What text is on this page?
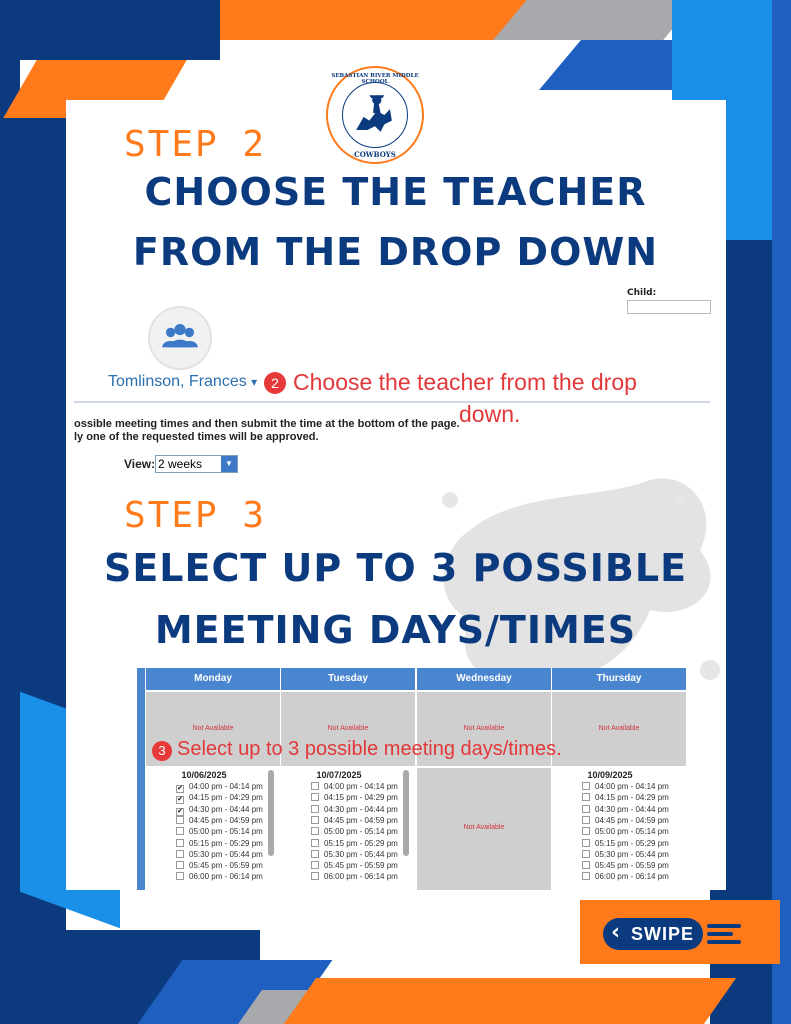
SEBASTIAN RIVER MIDDLE SCHOOL
COWBOYS
STEP 2
CHOOSE THE TEACHER
FROM THE DROP DOWN
Child:
Tomlinson, Frances ▾ 2 Choose the teacher from the drop
down.
ossible meeting times and then submit the time at the bottom of the page.
ly one of the requested times will be approved.
View: 2 weeks	▼
STEP 3
SELECT UP TO 3 POSSIBLE
MEETING DAYS/TIMES
Monday
Not Available
10/06/2025
✔ 04:00 pm - 04:14 pm
✔ 04:15 pm - 04:29 pm
✔ 04:30 pm - 04:44 pm
04:45 pm - 04:59 pm
05:00 pm - 05:14 pm
05:15 pm - 05:29 pm
05:30 pm - 05:44 pm
05:45 pm - 05:59 pm
06:00 pm - 06:14 pm
Tuesday
Not Available
10/07/2025
04:00 pm - 04:14 pm
04:15 pm - 04:29 pm
04:30 pm - 04:44 pm
04:45 pm - 04:59 pm
05:00 pm - 05:14 pm
05:15 pm - 05:29 pm
05:30 pm - 05:44 pm
05:45 pm - 05:59 pm
06:00 pm - 06:14 pm
Wednesday
Not Available
Not Available
Thursday
Not Available
10/09/2025
04:00 pm - 04:14 pm
04:15 pm - 04:29 pm
04:30 pm - 04:44 pm
04:45 pm - 04:59 pm
05:00 pm - 05:14 pm
05:15 pm - 05:29 pm
05:30 pm - 05:44 pm
05:45 pm - 05:59 pm
06:00 pm - 06:14 pm
3 Select up to 3 possible meeting days/times.
‹ SWIPE
